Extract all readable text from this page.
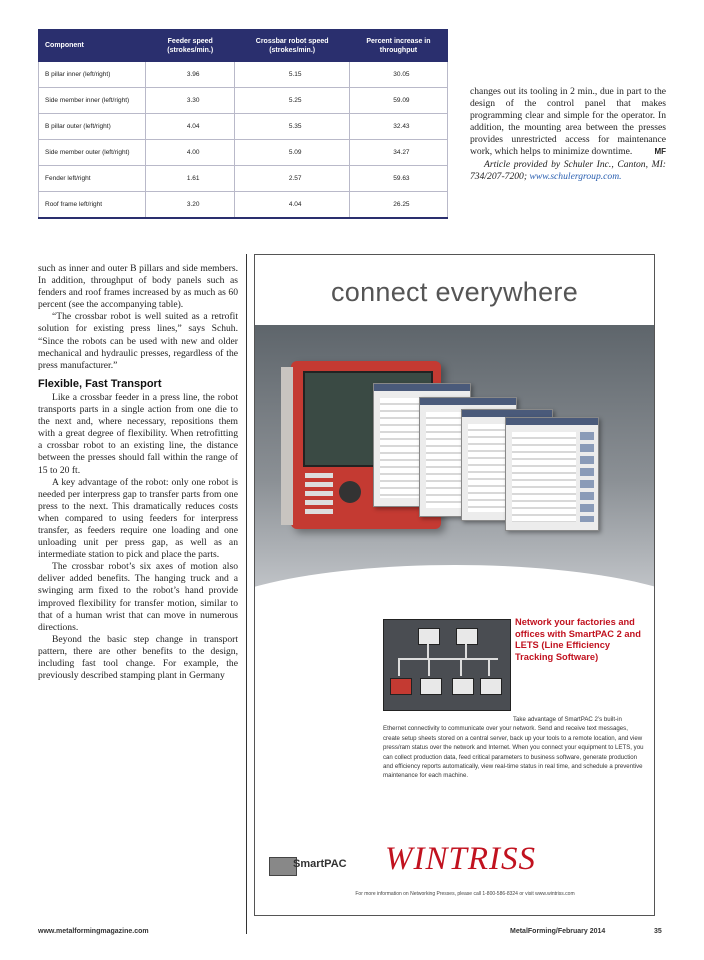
Component	Feeder speed (strokes/min.)	Crossbar robot speed (strokes/min.)	Percent increase in throughput
B pillar inner (left/right)	3.96	5.15	30.05
Side member inner (left/right)	3.30	5.25	59.09
B pillar outer (left/right)	4.04	5.35	32.43
Side member outer (left/right)	4.00	5.09	34.27
Fender left/right	1.61	2.57	59.63
Roof frame left/right	3.20	4.04	26.25

changes out its tooling in 2 min., due in part to the design of the control panel that makes programming clear and simple for the operator. In addition, the mounting area between the presses provides unrestricted access for maintenance work, which helps to minimize downtime.	MF

Article provided by Schuler Inc., Canton, MI: 734/207-7200; www.schulergroup.com.

such as inner and outer B pillars and side members. In addition, throughput of body panels such as fenders and roof frames increased by as much as 60 percent (see the accompanying table).

“The crossbar robot is well suited as a retrofit solution for existing press lines,” says Schuh. “Since the robots can be used with new and older mechanical and hydraulic presses, regardless of the press manufacturer.”

Flexible, Fast Transport

Like a crossbar feeder in a press line, the robot transports parts in a single action from one die to the next and, where necessary, repositions them with a great degree of flexibility. When retrofitting a crossbar robot to an existing line, the distance between the presses should fall within the range of 15 to 20 ft.

A key advantage of the robot: only one robot is needed per interpress gap to transfer parts from one press to the next. This dramatically reduces costs when compared to using feeders for interpress transfer, as feeders require one loading and one unloading unit per press gap, as well as an intermediate station to pick and place the parts.

The crossbar robot’s six axes of motion also deliver added benefits. The hanging truck and a swinging arm fixed to the robot’s hand provide improved flexibility for transfer motion, similar to that of a human wrist that can move in numerous directions.

Beyond the basic step change in transport pattern, there are other benefits to the design, including fast tool change. For example, the previously described stamping plant in Germany

connect everywhere
Network your factories and offices with SmartPAC 2 and LETS (Line Efficiency Tracking Software)
Take advantage of SmartPAC 2’s built-in
Ethernet connectivity to communicate over your network. Send and receive text messages, create setup sheets stored on a central server, back up your tools to a remote location, and view press/ram status over the network and Internet. When you connect your equipment to LETS, you can collect production data, feed critical parameters to business software, generate production and efficiency reports automatically, view real-time status in real time, and schedule a preventive maintenance for each machine.
SmartPAC WINTRISS
For more information on Networking Presses, please call 1-800-586-8324 or visit www.wintriss.com
www.metalformingmagazine.com	MetalForming/February 2014	35
